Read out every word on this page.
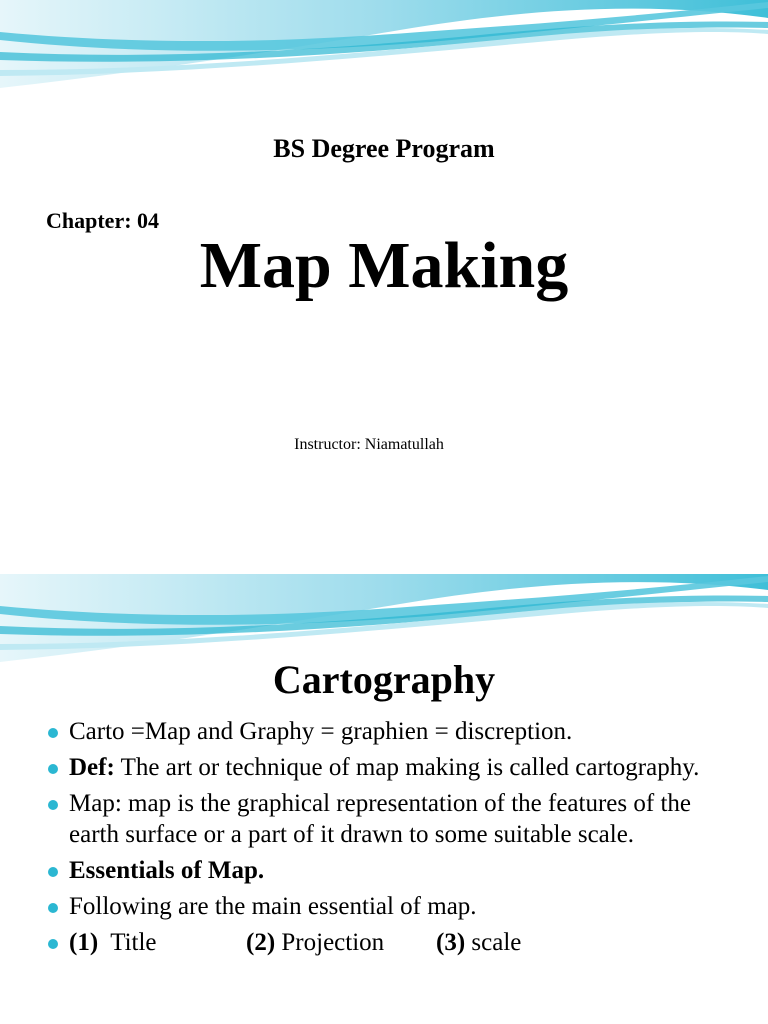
BS Degree Program
Chapter: 04
Map Making
Instructor: Niamatullah
Cartography
Carto =Map and Graphy = graphien = discreption.
Def: The art or technique of map making is called cartography.
Map: map is the graphical representation of the features of the earth surface or a part of it drawn to some suitable scale.
Essentials of Map.
Following are the main essential of map.
(1)  Title	(2) Projection	(3) scale
